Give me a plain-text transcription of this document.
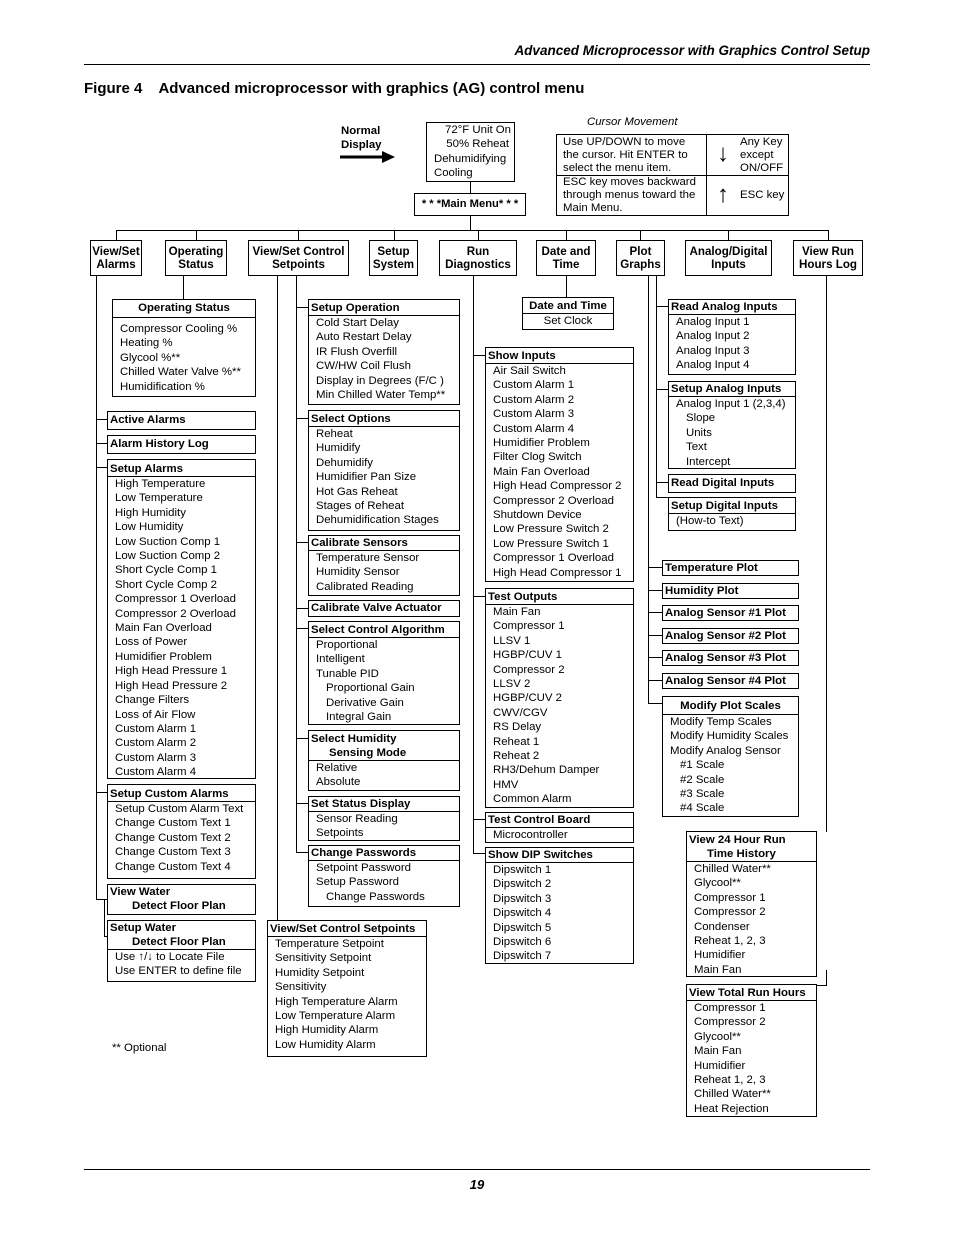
Advanced Microprocessor with Graphics Control Setup
Figure 4    Advanced microprocessor with graphics (AG) control menu
Normal Display
72°F Unit On
50% Reheat
Dehumidifying
Cooling
* * *Main Menu* * *
Cursor Movement
Use UP/DOWN to move the cursor. Hit ENTER to select the menu item.
↓ Any Key except ON/OFF
ESC key moves backward through menus toward the Main Menu.	↑ ESC key
View/Set Alarms
Operating Status
View/Set Control Setpoints
Setup System
Run Diagnostics
Date and Time
Plot Graphs
Analog/Digital Inputs
View Run Hours Log
Operating Status
Compressor Cooling %
Heating %
Glycool %**
Chilled Water Valve %**
Humidification %
Active Alarms
Alarm History Log
Setup Alarms
High Temperature
Low Temperature
High Humidity
Low Humidity
Low Suction Comp 1
Low Suction Comp 2
Short Cycle Comp 1
Short Cycle Comp 2
Compressor 1 Overload
Compressor 2 Overload
Main Fan Overload
Loss of Power
Humidifier Problem
High Head Pressure 1
High Head Pressure 2
Change Filters
Loss of Air Flow
Custom Alarm 1
Custom Alarm 2
Custom Alarm 3
Custom Alarm 4
Setup Custom Alarms
Setup Custom Alarm Text
Change Custom Text 1
Change Custom Text 2
Change Custom Text 3
Change Custom Text 4
View Water
Detect Floor Plan
Setup Water
Detect Floor Plan
Use ↑/↓ to Locate File
Use ENTER to define file
** Optional
Setup Operation
Cold Start Delay
Auto Restart Delay
IR Flush Overfill
CW/HW Coil Flush
Display in Degrees (F/C )
Min Chilled Water Temp**
Select Options
Reheat
Humidify
Dehumidify
Humidifier Pan Size
Hot Gas Reheat
Stages of Reheat
Dehumidification Stages
Calibrate Sensors
Temperature Sensor
Humidity Sensor
Calibrated Reading
Calibrate Valve Actuator
Select Control Algorithm
Proportional
Intelligent
Tunable PID
Proportional Gain
Derivative Gain
Integral Gain
Select Humidity
Sensing Mode
Relative
Absolute
Set Status Display
Sensor Reading
Setpoints
Change Passwords
Setpoint Password
Setup Password
Change Passwords
View/Set Control Setpoints
Temperature Setpoint
Sensitivity Setpoint
Humidity Setpoint
Sensitivity
High Temperature Alarm
Low Temperature Alarm
High Humidity Alarm
Low Humidity Alarm
Date and Time
Set Clock
Show Inputs
Air Sail Switch
Custom Alarm 1
Custom Alarm 2
Custom Alarm 3
Custom Alarm 4
Humidifier Problem
Filter Clog Switch
Main Fan Overload
High Head Compressor 2
Compressor 2 Overload
Shutdown Device
Low Pressure Switch 2
Low Pressure Switch 1
Compressor 1 Overload
High Head Compressor 1
Test Outputs
Main Fan
Compressor 1
LLSV 1
HGBP/CUV 1
Compressor 2
LLSV 2
HGBP/CUV 2
CWV/CGV
RS Delay
Reheat 1
Reheat 2
RH3/Dehum Damper
HMV
Common Alarm
Test Control Board
Microcontroller
Show DIP Switches
Dipswitch 1
Dipswitch 2
Dipswitch 3
Dipswitch 4
Dipswitch 5
Dipswitch 6
Dipswitch 7
Read Analog Inputs
Analog Input 1
Analog Input 2
Analog Input 3
Analog Input 4
Setup Analog Inputs
Analog Input 1 (2,3,4)
Slope
Units
Text
Intercept
Read Digital Inputs
Setup Digital Inputs
(How-to Text)
Temperature Plot
Humidity Plot
Analog Sensor #1 Plot
Analog Sensor #2 Plot
Analog Sensor #3 Plot
Analog Sensor #4 Plot
Modify Plot Scales
Modify Temp Scales
Modify Humidity Scales
Modify Analog Sensor
#1 Scale
#2 Scale
#3 Scale
#4 Scale
View 24 Hour Run
Time History
Chilled Water**
Glycool**
Compressor 1
Compressor 2
Condenser
Reheat 1, 2, 3
Humidifier
Main Fan
View Total Run Hours
Compressor 1
Compressor 2
Glycool**
Main Fan
Humidifier
Reheat 1, 2, 3
Chilled Water**
Heat Rejection
19
